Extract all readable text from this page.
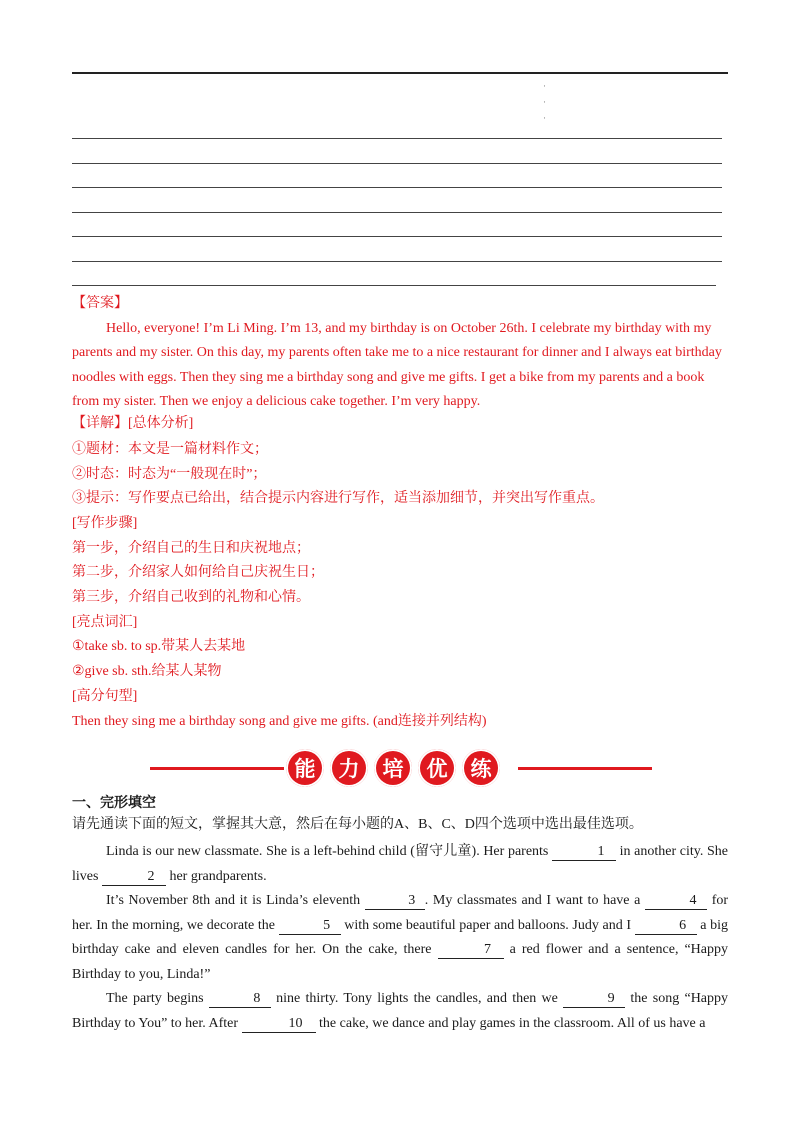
·
·
·

【答案】

Hello, everyone! I’m Li Ming. I’m 13, and my birthday is on October 26th. I celebrate my birthday with my parents and my sister. On this day, my parents often take me to a nice restaurant for dinner and I always eat birthday noodles with eggs. Then they sing me a birthday song and give me gifts. I get a bike from my parents and a book from my sister. Then we enjoy a delicious cake together. I’m very happy.

【详解】[总体分析]
①题材：本文是一篇材料作文；
②时态：时态为“一般现在时”；
③提示：写作要点已给出，结合提示内容进行写作，适当添加细节，并突出写作重点。
[写作步骤]
第一步，介绍自己的生日和庆祝地点；
第二步，介绍家人如何给自己庆祝生日；
第三步，介绍自己收到的礼物和心情。
[亮点词汇]
①take sb. to sp.带某人去某地
②give sb. sth.给某人某物
[高分句型]
Then they sing me a birthday song and give me gifts. (and连接并列结构)
能	力	培	优	练
一、完形填空
请先通读下面的短文，掌握其大意，然后在每小题的A、B、C、D四个选项中选出最佳选项。

Linda is our new classmate. She is a left-behind child (留守儿童). Her parents	1 in another city. She lives	2 her grandparents.

It’s November 8th and it is Linda’s eleventh	3 . My classmates and I want to have a	4 for her. In the morning, we decorate the	5 with some beautiful paper and balloons. Judy and I	6 a big birthday cake and eleven candles for her. On the cake, there	7 a red flower and a sentence, “Happy Birthday to you, Linda!”

The party begins	8 nine thirty. Tony lights the candles, and then we	9 the song “Happy Birthday to You” to her. After	10 the cake, we dance and play games in the classroom. All of us have a
